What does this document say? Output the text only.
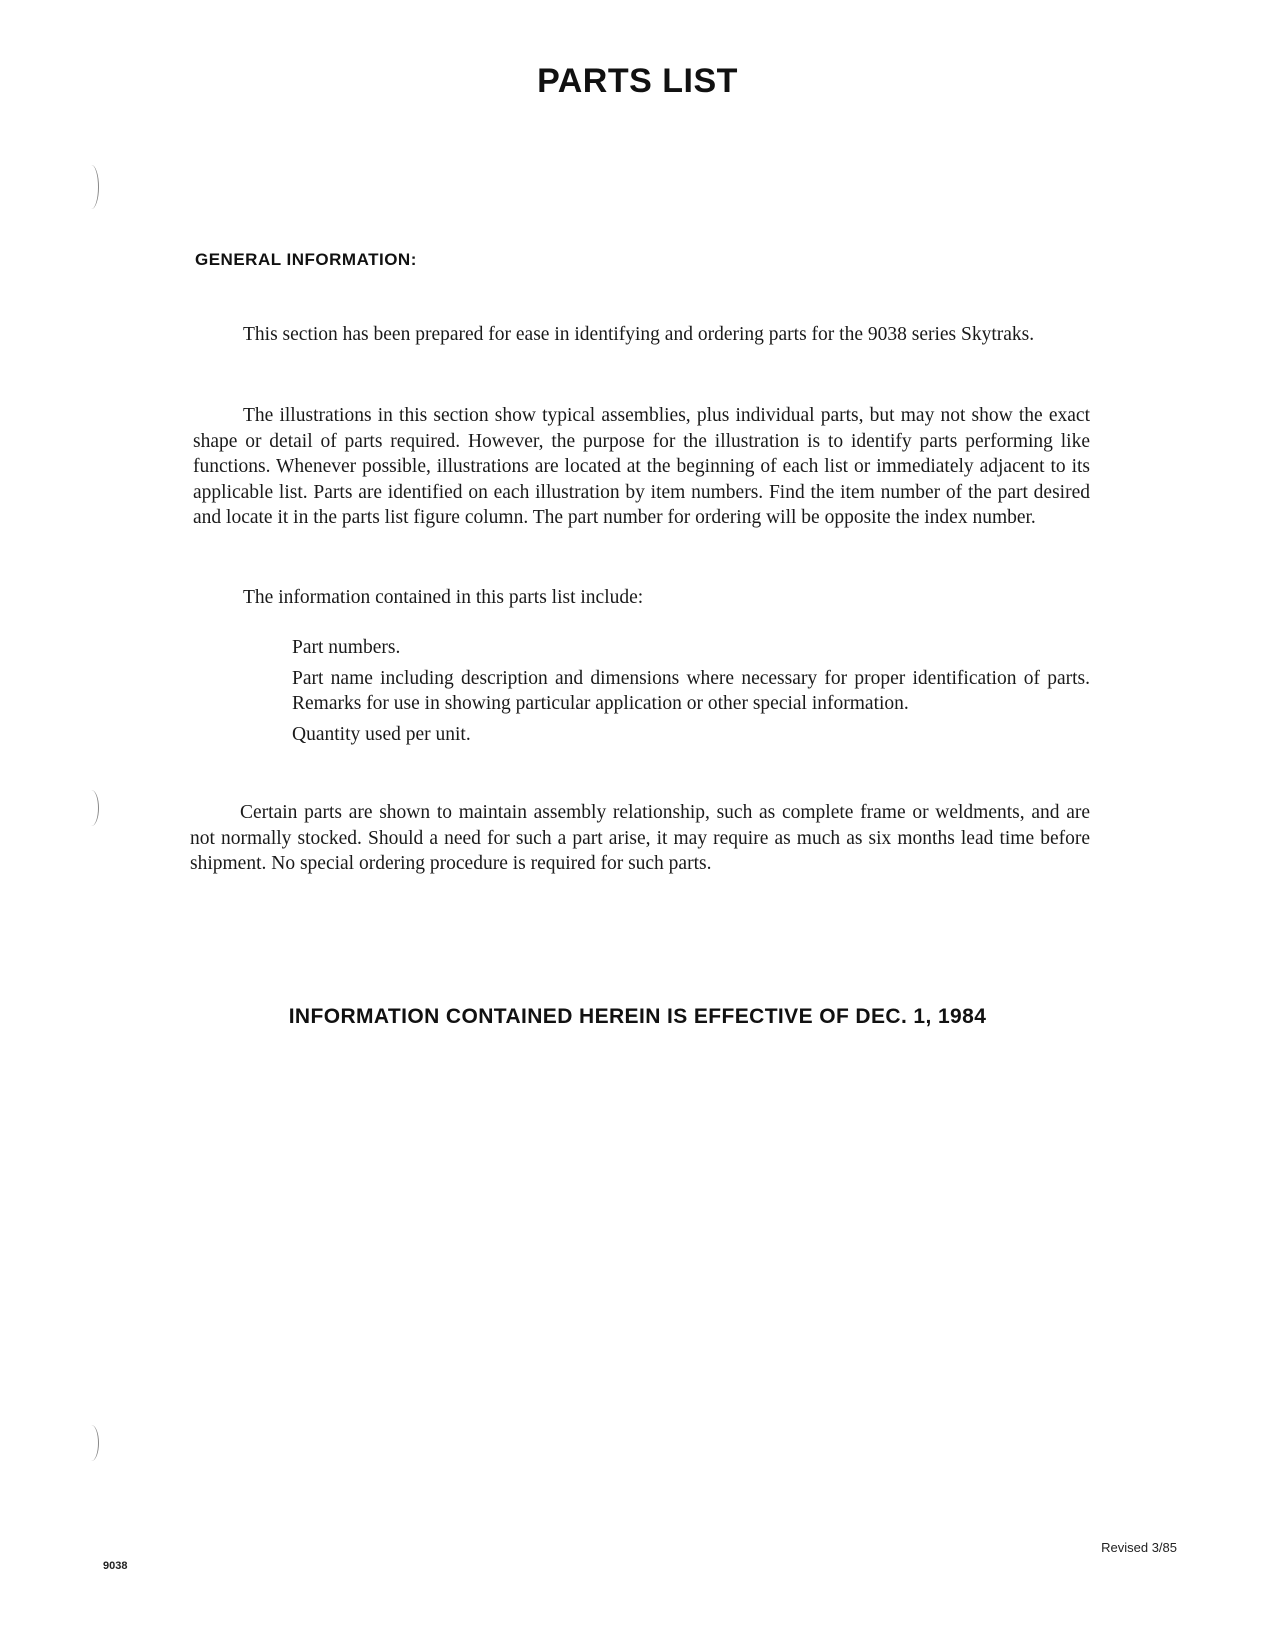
PARTS LIST
GENERAL INFORMATION:

This section has been prepared for ease in identifying and ordering parts for the 9038 series Skytraks.

The illustrations in this section show typical assemblies, plus individual parts, but may not show the exact shape or detail of parts required. However, the purpose for the illustration is to identify parts performing like functions. Whenever possible, illustrations are located at the beginning of each list or immediately adjacent to its applicable list. Parts are identified on each illustration by item numbers. Find the item number of the part desired and locate it in the parts list figure column. The part number for ordering will be opposite the index number.

The information contained in this parts list include:

Part numbers.
Part name including description and dimensions where necessary for proper identification of parts. Remarks for use in showing particular application or other special information.
Quantity used per unit.

Certain parts are shown to maintain assembly relationship, such as complete frame or weldments, and are not normally stocked. Should a need for such a part arise, it may require as much as six months lead time before shipment. No special ordering procedure is required for such parts.

INFORMATION CONTAINED HEREIN IS EFFECTIVE OF DEC. 1, 1984
Revised 3/85
9038
